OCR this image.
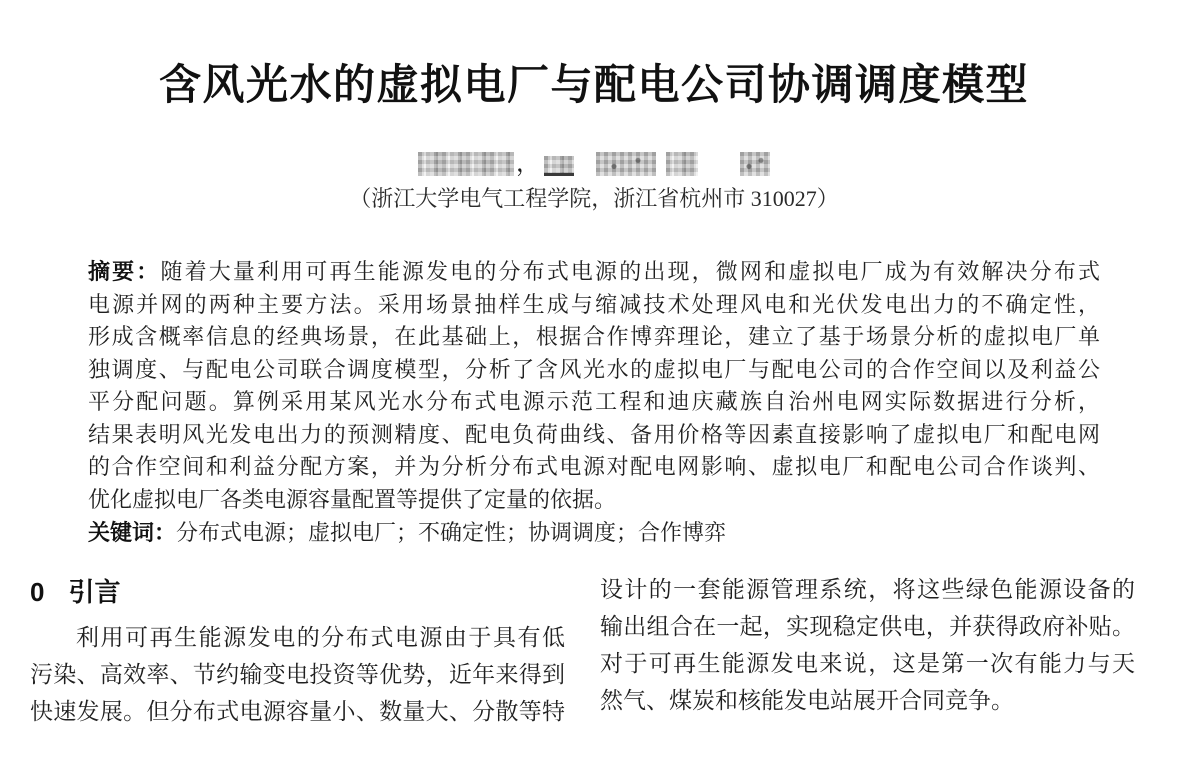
含风光水的虚拟电厂与配电公司协调调度模型
，
（浙江大学电气工程学院，浙江省杭州市 310027）
摘要：随着大量利用可再生能源发电的分布式电源的出现，微网和虚拟电厂成为有效解决分布式
电源并网的两种主要方法。采用场景抽样生成与缩减技术处理风电和光伏发电出力的不确定性，
形成含概率信息的经典场景，在此基础上，根据合作博弈理论，建立了基于场景分析的虚拟电厂单
独调度、与配电公司联合调度模型，分析了含风光水的虚拟电厂与配电公司的合作空间以及利益公
平分配问题。算例采用某风光水分布式电源示范工程和迪庆藏族自治州电网实际数据进行分析，
结果表明风光发电出力的预测精度、配电负荷曲线、备用价格等因素直接影响了虚拟电厂和配电网
的合作空间和利益分配方案，并为分析分布式电源对配电网影响、虚拟电厂和配电公司合作谈判、
优化虚拟电厂各类电源容量配置等提供了定量的依据。
关键词：分布式电源；虚拟电厂；不确定性；协调调度；合作博弈
0 引言
利用可再生能源发电的分布式电源由于具有低
污染、高效率、节约输变电投资等优势，近年来得到
快速发展。但分布式电源容量小、数量大、分散等特
设计的一套能源管理系统，将这些绿色能源设备的
输出组合在一起，实现稳定供电，并获得政府补贴。
对于可再生能源发电来说，这是第一次有能力与天
然气、煤炭和核能发电站展开合同竞争。
